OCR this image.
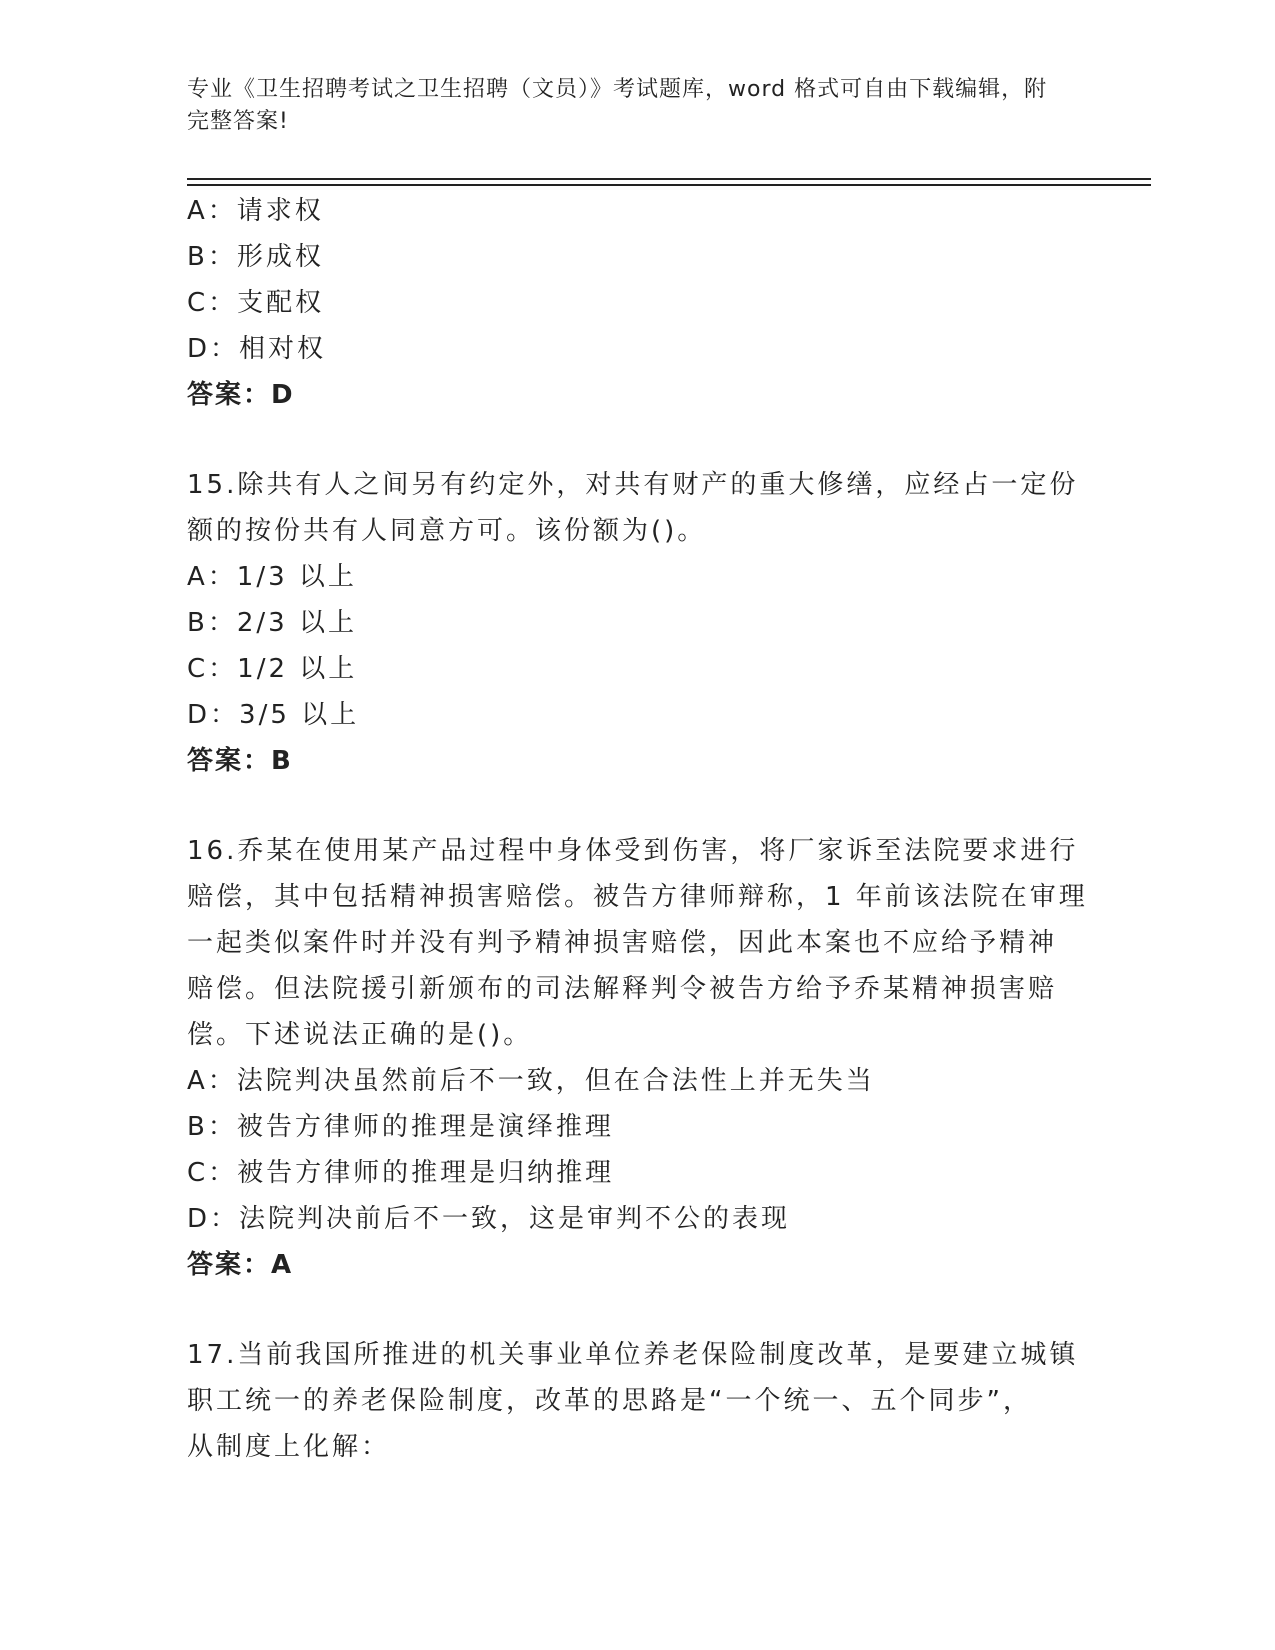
专业《卫生招聘考试之卫生招聘（文员）》考试题库，word 格式可自由下载编辑，附完整答案!
A：请求权
B：形成权
C：支配权
D：相对权
答案：D
15.除共有人之间另有约定外，对共有财产的重大修缮，应经占一定份
额的按份共有人同意方可。该份额为()。
A：1/3 以上
B：2/3 以上
C：1/2 以上
D：3/5 以上
答案：B
16.乔某在使用某产品过程中身体受到伤害，将厂家诉至法院要求进行
赔偿，其中包括精神损害赔偿。被告方律师辩称，1 年前该法院在审理
一起类似案件时并没有判予精神损害赔偿，因此本案也不应给予精神
赔偿。但法院援引新颁布的司法解释判令被告方给予乔某精神损害赔
偿。下述说法正确的是()。
A：法院判决虽然前后不一致，但在合法性上并无失当
B：被告方律师的推理是演绎推理
C：被告方律师的推理是归纳推理
D：法院判决前后不一致，这是审判不公的表现
答案：A
17.当前我国所推进的机关事业单位养老保险制度改革，是要建立城镇
职工统一的养老保险制度，改革的思路是“一个统一、五个同步”，
从制度上化解：
